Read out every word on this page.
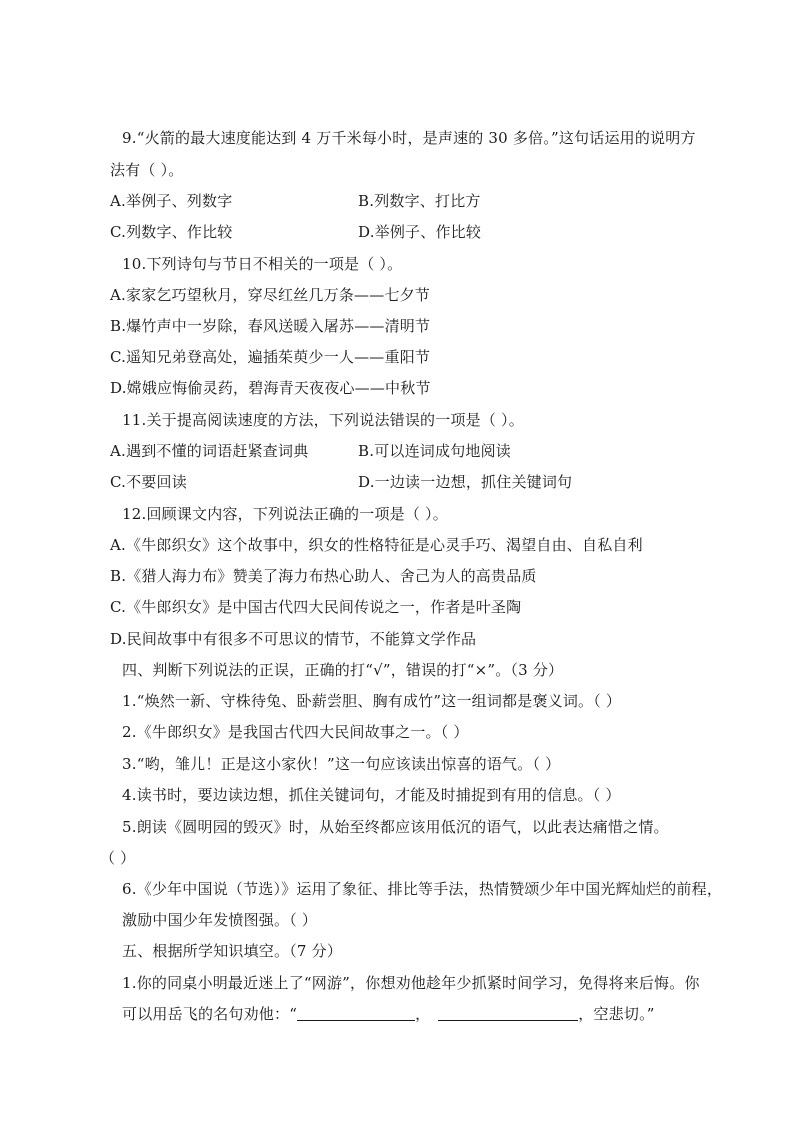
9.“火箭的最大速度能达到 4 万千米每小时，是声速的 30 多倍。”这句话运用的说明方
法有（ ）。
A.举例子、列数字	B.列数字、打比方
C.列数字、作比较	D.举例子、作比较
10.下列诗句与节日不相关的一项是（ ）。
A.家家乞巧望秋月，穿尽红丝几万条——七夕节
B.爆竹声中一岁除，春风送暖入屠苏——清明节
C.遥知兄弟登高处，遍插茱萸少一人——重阳节
D.嫦娥应悔偷灵药，碧海青天夜夜心——中秋节
11.关于提高阅读速度的方法，下列说法错误的一项是（ ）。
A.遇到不懂的词语赶紧查词典	B.可以连词成句地阅读
C.不要回读	D.一边读一边想，抓住关键词句
12.回顾课文内容，下列说法正确的一项是（ ）。
A.《牛郎织女》这个故事中，织女的性格特征是心灵手巧、渴望自由、自私自利
B.《猎人海力布》赞美了海力布热心助人、舍己为人的高贵品质
C.《牛郎织女》是中国古代四大民间传说之一，作者是叶圣陶
D.民间故事中有很多不可思议的情节，不能算文学作品
四、判断下列说法的正误，正确的打“√”，错误的打“×”。（3 分）
1.“焕然一新、守株待兔、卧薪尝胆、胸有成竹”这一组词都是褒义词。（ ）
2.《牛郎织女》是我国古代四大民间故事之一。（ ）
3.“哟，雏儿！正是这小家伙！”这一句应该读出惊喜的语气。（ ）
4.读书时，要边读边想，抓住关键词句，才能及时捕捉到有用的信息。（ ）
5.朗读《圆明园的毁灭》时，从始至终都应该用低沉的语气，以此表达痛惜之情。
（ ）
6.《少年中国说（节选）》运用了象征、排比等手法，热情赞颂少年中国光辉灿烂的前程，
激励中国少年发愤图强。（ ）
五、根据所学知识填空。（7 分）
1.你的同桌小明最近迷上了“网游”，你想劝他趁年少抓紧时间学习，免得将来后悔。你
可以用岳飞的名句劝他：“	，	，空悲切。”
